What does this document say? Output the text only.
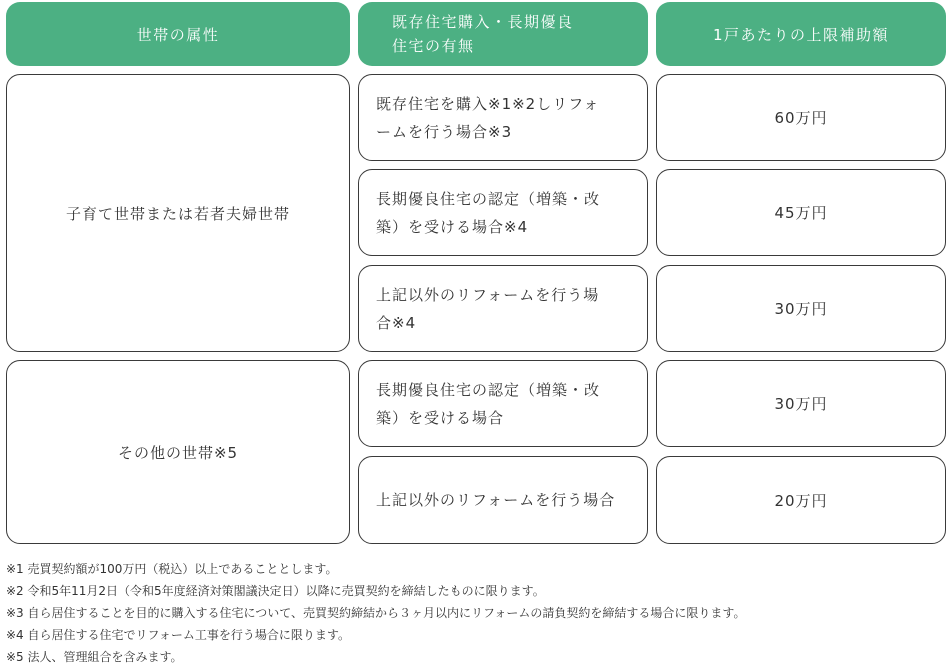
世帯の属性
既存住宅購入・長期優良
住宅の有無
1戸あたりの上限補助額
子育て世帯または若者夫婦世帯
既存住宅を購入※1※2しリフォ
ームを行う場合※3
60万円
長期優良住宅の認定（増築・改
築）を受ける場合※4
45万円
上記以外のリフォームを行う場
合※4
30万円
その他の世帯※5
長期優良住宅の認定（増築・改
築）を受ける場合
30万円
上記以外のリフォームを行う場合	20万円
※1 売買契約額が100万円（税込）以上であることとします。
※2 令和5年11月2日（令和5年度経済対策閣議決定日）以降に売買契約を締結したものに限ります。
※3 自ら居住することを目的に購入する住宅について、売買契約締結から３ヶ月以内にリフォームの請負契約を締結する場合に限ります。
※4 自ら居住する住宅でリフォーム工事を行う場合に限ります。
※5 法人、管理組合を含みます。
